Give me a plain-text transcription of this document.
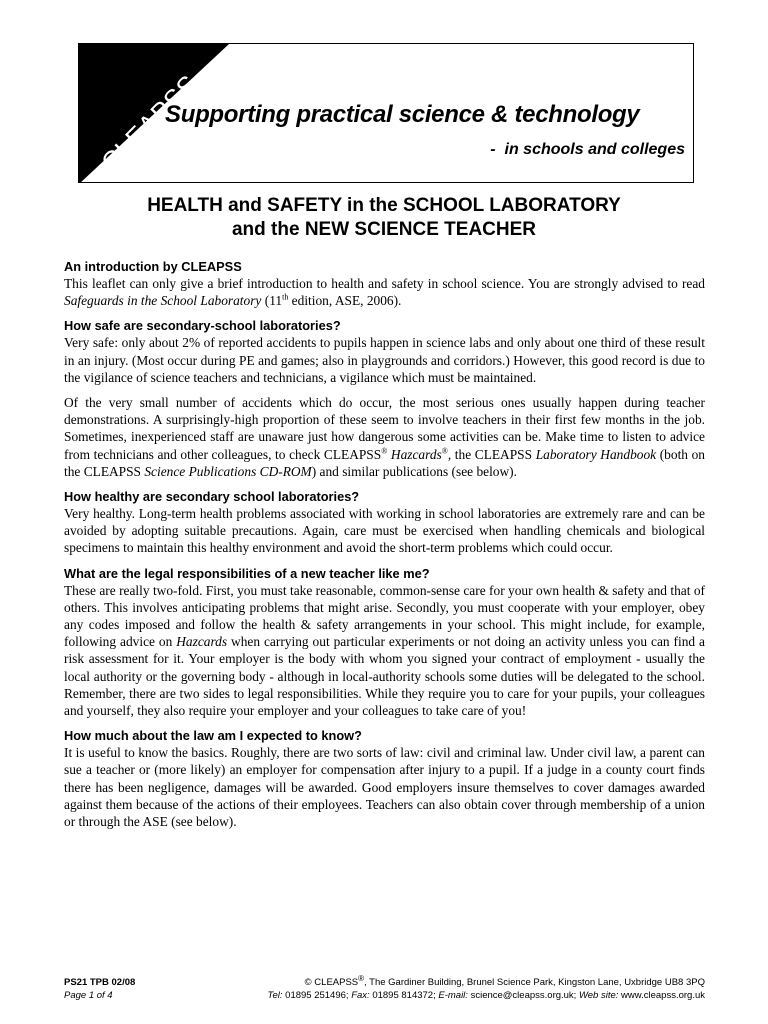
CLEAPSS
Supporting practical science & technology
-  in schools and colleges
HEALTH and SAFETY in the SCHOOL LABORATORY
and the NEW SCIENCE TEACHER

An introduction by CLEAPSS

This leaflet can only give a brief introduction to health and safety in school science. You are strongly advised to read Safeguards in the School Laboratory (11th edition, ASE, 2006).

How safe are secondary-school laboratories?

Very safe: only about 2% of reported accidents to pupils happen in science labs and only about one third of these result in an injury. (Most occur during PE and games; also in playgrounds and corridors.) However, this good record is due to the vigilance of science teachers and technicians, a vigilance which must be maintained.

Of the very small number of accidents which do occur, the most serious ones usually happen during teacher demonstrations. A surprisingly-high proportion of these seem to involve teachers in their first few months in the job. Sometimes, inexperienced staff are unaware just how dangerous some activities can be. Make time to listen to advice from technicians and other colleagues, to check CLEAPSS® Hazcards®, the CLEAPSS Laboratory Handbook (both on the CLEAPSS Science Publications CD-ROM) and similar publications (see below).

How healthy are secondary school laboratories?

Very healthy. Long-term health problems associated with working in school laboratories are extremely rare and can be avoided by adopting suitable precautions. Again, care must be exercised when handling chemicals and biological specimens to maintain this healthy environment and avoid the short-term problems which could occur.

What are the legal responsibilities of a new teacher like me?

These are really two-fold. First, you must take reasonable, common-sense care for your own health & safety and that of others. This involves anticipating problems that might arise. Secondly, you must cooperate with your employer, obey any codes imposed and follow the health & safety arrangements in your school. This might include, for example, following advice on Hazcards when carrying out particular experiments or not doing an activity unless you can find a risk assessment for it. Your employer is the body with whom you signed your contract of employment - usually the local authority or the governing body - although in local-authority schools some duties will be delegated to the school. Remember, there are two sides to legal responsibilities. While they require you to care for your pupils, your colleagues and yourself, they also require your employer and your colleagues to take care of you!

How much about the law am I expected to know?

It is useful to know the basics. Roughly, there are two sorts of law: civil and criminal law. Under civil law, a parent can sue a teacher or (more likely) an employer for compensation after injury to a pupil. If a judge in a county court finds there has been negligence, damages will be awarded. Good employers insure themselves to cover damages awarded against them because of the actions of their employees. Teachers can also obtain cover through membership of a union or through the ASE (see below).

PS21 TPB 02/08
Page 1 of 4
© CLEAPSS®, The Gardiner Building, Brunel Science Park, Kingston Lane, Uxbridge UB8 3PQ
Tel: 01895 251496; Fax: 01895 814372; E-mail: science@cleapss.org.uk; Web site: www.cleapss.org.uk
